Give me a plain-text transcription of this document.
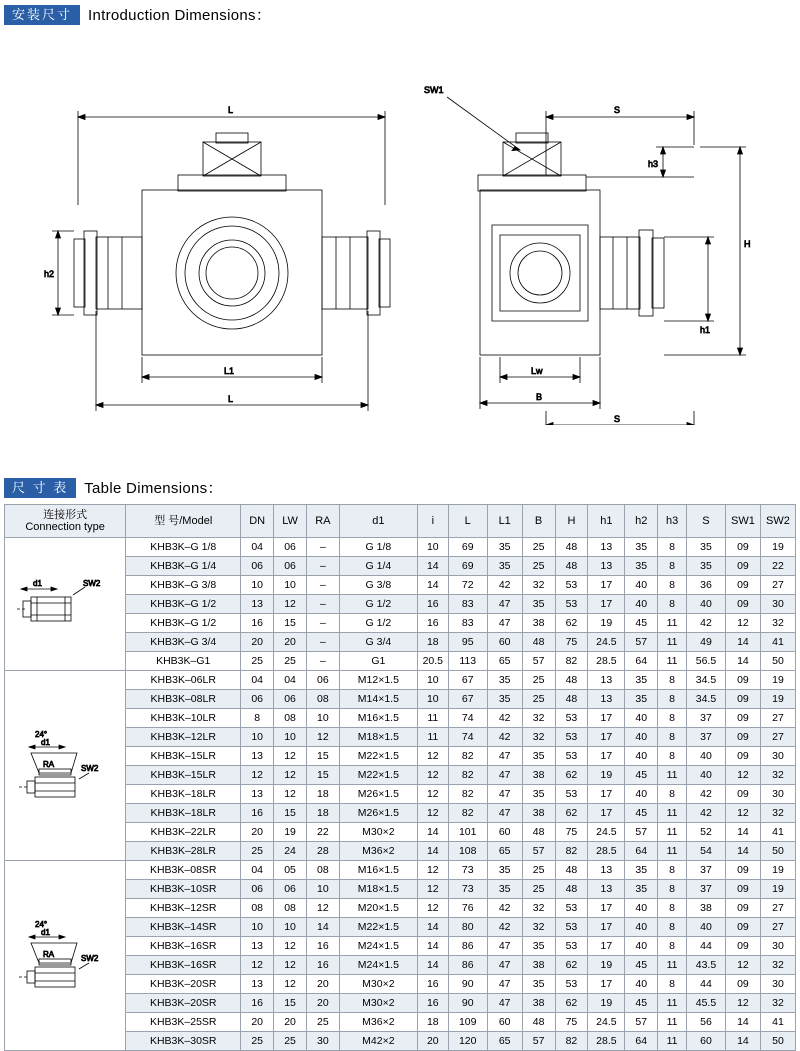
安装尺寸	Introduction Dimensions：
L
h2
L1
L
SW1
S
h3
H
h1
Lw
B
S
尺 寸 表	Table Dimensions：
连接形式
Connection type	型 号/Model	DN	LW	RA	d1	i	L	L1	B	H	h1	h2	h3	S	SW1	SW2

d1 SW2	KHB3K–G 1/8	04	06	–	G 1/8	10	69	35	25	48	13	35	8	35	09	19
	KHB3K–G 1/4	06	06	–	G 1/4	14	69	35	25	48	13	35	8	35	09	22
	KHB3K–G 3/8	10	10	–	G 3/8	14	72	42	32	53	17	40	8	36	09	27
	KHB3K–G 1/2	13	12	–	G 1/2	16	83	47	35	53	17	40	8	40	09	30
	KHB3K–G 1/2	16	15	–	G 1/2	16	83	47	38	62	19	45	11	42	12	32
	KHB3K–G 3/4	20	20	–	G 3/4	18	95	60	48	75	24.5	57	11	49	14	41
	KHB3K–G1	25	25	–	G1	20.5	113	65	57	82	28.5	64	11	56.5	14	50

24°
d1
RA SW2	KHB3K–06LR	04	04	06	M12×1.5	10	67	35	25	48	13	35	8	34.5	09	19
	KHB3K–08LR	06	06	08	M14×1.5	10	67	35	25	48	13	35	8	34.5	09	19
	KHB3K–10LR	8	08	10	M16×1.5	11	74	42	32	53	17	40	8	37	09	27
	KHB3K–12LR	10	10	12	M18×1.5	11	74	42	32	53	17	40	8	37	09	27
	KHB3K–15LR	13	12	15	M22×1.5	12	82	47	35	53	17	40	8	40	09	30
	KHB3K–15LR	12	12	15	M22×1.5	12	82	47	38	62	19	45	11	40	12	32
	KHB3K–18LR	13	12	18	M26×1.5	12	82	47	35	53	17	40	8	42	09	30
	KHB3K–18LR	16	15	18	M26×1.5	12	82	47	38	62	17	45	11	42	12	32
	KHB3K–22LR	20	19	22	M30×2	14	101	60	48	75	24.5	57	11	52	14	41
	KHB3K–28LR	25	24	28	M36×2	14	108	65	57	82	28.5	64	11	54	14	50

24°
d1
RA SW2	KHB3K–08SR	04	05	08	M16×1.5	12	73	35	25	48	13	35	8	37	09	19
	KHB3K–10SR	06	06	10	M18×1.5	12	73	35	25	48	13	35	8	37	09	19
	KHB3K–12SR	08	08	12	M20×1.5	12	76	42	32	53	17	40	8	38	09	27
	KHB3K–14SR	10	10	14	M22×1.5	14	80	42	32	53	17	40	8	40	09	27
	KHB3K–16SR	13	12	16	M24×1.5	14	86	47	35	53	17	40	8	44	09	30
	KHB3K–16SR	12	12	16	M24×1.5	14	86	47	38	62	19	45	11	43.5	12	32
	KHB3K–20SR	13	12	20	M30×2	16	90	47	35	53	17	40	8	44	09	30
	KHB3K–20SR	16	15	20	M30×2	16	90	47	38	62	19	45	11	45.5	12	32
	KHB3K–25SR	20	20	25	M36×2	18	109	60	48	75	24.5	57	11	56	14	41
	KHB3K–30SR	25	25	30	M42×2	20	120	65	57	82	28.5	64	11	60	14	50
